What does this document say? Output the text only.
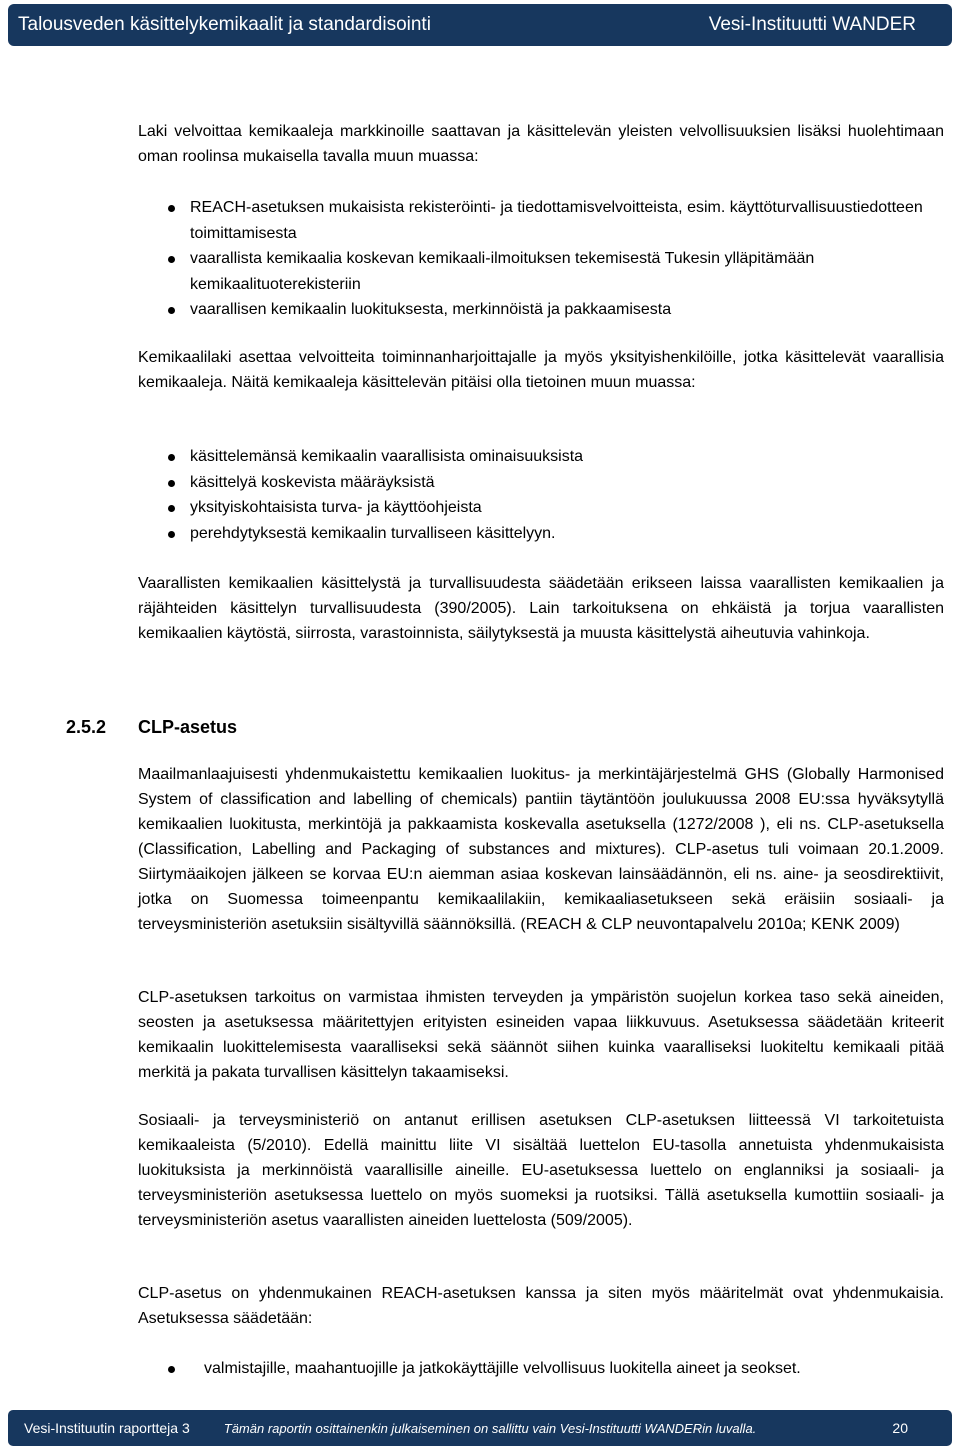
Talousveden käsittelykemikaalit ja standardisointi	Vesi-Instituutti WANDER

Laki velvoittaa kemikaaleja markkinoille saattavan ja käsittelevän yleisten velvollisuuksien lisäksi huolehtimaan oman roolinsa mukaisella tavalla muun muassa:

REACH-asetuksen mukaisista rekisteröinti- ja tiedottamisvelvoitteista, esim. käyttöturvallisuustiedotteen toimittamisesta
vaarallista kemikaalia koskevan kemikaali-ilmoituksen tekemisestä Tukesin ylläpitämään kemikaalituoterekisteriin
vaarallisen kemikaalin luokituksesta, merkinnöistä ja pakkaamisesta

Kemikaalilaki asettaa velvoitteita toiminnanharjoittajalle ja myös yksityishenkilöille, jotka käsittelevät vaarallisia kemikaaleja. Näitä kemikaaleja käsittelevän pitäisi olla tietoinen muun muassa:

käsittelemänsä kemikaalin vaarallisista ominaisuuksista
käsittelyä koskevista määräyksistä
yksityiskohtaisista turva- ja käyttöohjeista
perehdytyksestä kemikaalin turvalliseen käsittelyyn.

Vaarallisten kemikaalien käsittelystä ja turvallisuudesta säädetään erikseen laissa vaarallisten kemikaalien ja räjähteiden käsittelyn turvallisuudesta (390/2005). Lain tarkoituksena on ehkäistä ja torjua vaarallisten kemikaalien käytöstä, siirrosta, varastoinnista, säilytyksestä ja muusta käsittelystä aiheutuvia vahinkoja.

2.5.2 CLP-asetus

Maailmanlaajuisesti yhdenmukaistettu kemikaalien luokitus- ja merkintäjärjestelmä GHS (Globally Harmonised System of classification and labelling of chemicals) pantiin täytäntöön joulukuussa 2008 EU:ssa hyväksytyllä kemikaalien luokitusta, merkintöjä ja pakkaamista koskevalla asetuksella (1272/2008 ), eli ns. CLP-asetuksella (Classification, Labelling and Packaging of substances and mixtures). CLP-asetus tuli voimaan 20.1.2009. Siirtymäaikojen jälkeen se korvaa EU:n aiemman asiaa koskevan lainsäädännön, eli ns. aine- ja seosdirektiivit, jotka on Suomessa toimeenpantu kemikaalilakiin, kemikaaliasetukseen sekä eräisiin sosiaali- ja terveysministeriön asetuksiin sisältyvillä säännöksillä. (REACH & CLP neuvontapalvelu 2010a; KENK 2009)

CLP-asetuksen tarkoitus on varmistaa ihmisten terveyden ja ympäristön suojelun korkea taso sekä aineiden, seosten ja asetuksessa määritettyjen erityisten esineiden vapaa liikkuvuus. Asetuksessa säädetään kriteerit kemikaalin luokittelemisesta vaaralliseksi sekä säännöt siihen kuinka vaaralliseksi luokiteltu kemikaali pitää merkitä ja pakata turvallisen käsittelyn takaamiseksi.

Sosiaali- ja terveysministeriö on antanut erillisen asetuksen CLP-asetuksen liitteessä VI tarkoitetuista kemikaaleista (5/2010). Edellä mainittu liite VI sisältää luettelon EU-tasolla annetuista yhdenmukaisista luokituksista ja merkinnöistä vaarallisille aineille. EU-asetuksessa luettelo on englanniksi ja sosiaali- ja terveysministeriön asetuksessa luettelo on myös suomeksi ja ruotsiksi. Tällä asetuksella kumottiin sosiaali- ja terveysministeriön asetus vaarallisten aineiden luettelosta (509/2005).

CLP-asetus on yhdenmukainen REACH-asetuksen kanssa ja siten myös määritelmät ovat yhdenmukaisia. Asetuksessa säädetään:

valmistajille, maahantuojille ja jatkokäyttäjille velvollisuus luokitella aineet ja seokset.
Vesi-Instituutin raportteja 3	Tämän raportin osittainenkin julkaiseminen on sallittu vain Vesi-Instituutti WANDERin luvalla.	20
